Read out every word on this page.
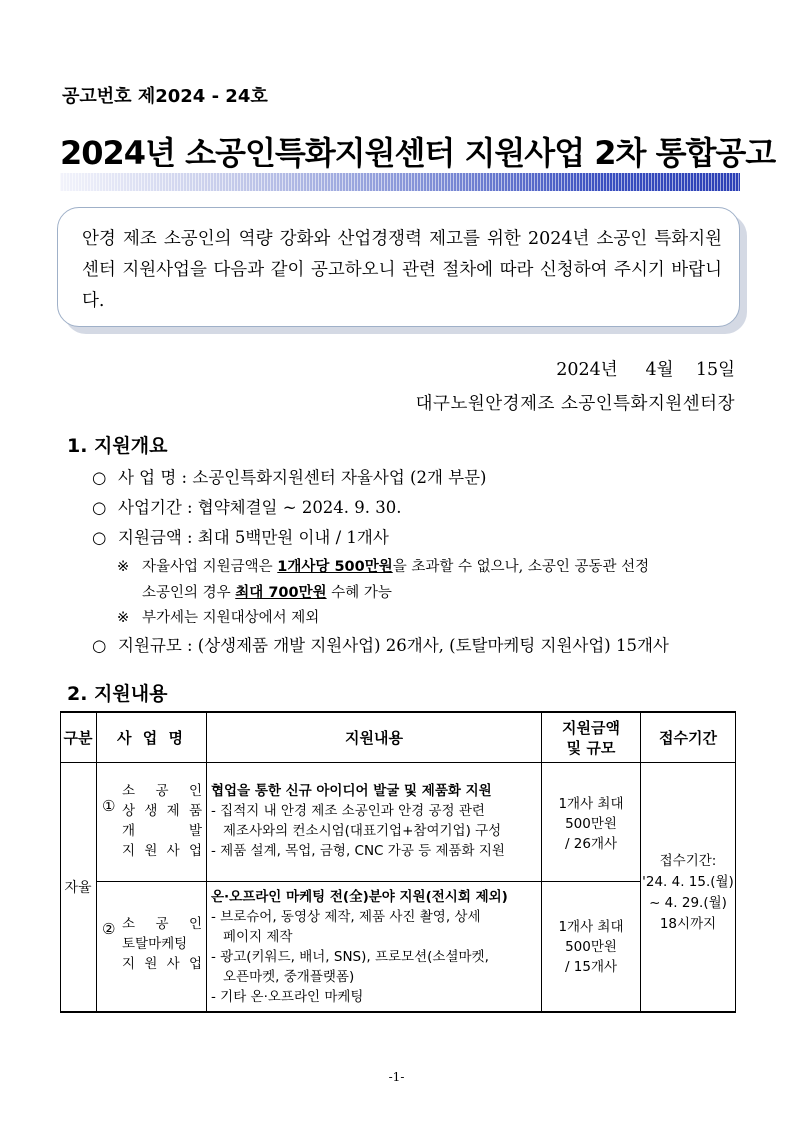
공고번호 제2024 - 24호
2024년 소공인특화지원센터 지원사업 2차 통합공고
안경 제조 소공인의 역량 강화와 산업경쟁력 제고를 위한 2024년 소공인 특화지원센터 지원사업을 다음과 같이 공고하오니 관련 절차에 따라 신청하여 주시기 바랍니다.
2024년 4월 15일
대구노원안경제조 소공인특화지원센터장
1. 지원개요
○ 사 업 명 : 소공인특화지원센터 자율사업 (2개 부문)
○ 사업기간 : 협약체결일 ~ 2024. 9. 30.
○ 지원금액 : 최대 5백만원 이내 / 1개사
※ 자율사업 지원금액은 1개사당 500만원을 초과할 수 없으나, 소공인 공동관 선정
소공인의 경우 최대 700만원 수혜 가능
※ 부가세는 지원대상에서 제외
○ 지원규모 : (상생제품 개발 지원사업) 26개사, (토탈마케팅 지원사업) 15개사
2. 지원내용
구분	사 업 명	지원내용
지원금액
및 규모
접수기간
자율
①
소 공 인
상 생 제 품
개 발
지 원 사 업
협업을 통한 신규 아이디어 발굴 및 제품화 지원
- 집적지 내 안경 제조 소공인과 안경 공정 관련
제조사와의 컨소시엄(대표기업+참여기업) 구성
- 제품 설계, 목업, 금형, CNC 가공 등 제품화 지원
1개사 최대
500만원
/ 26개사
② 소 공 인
토탈마케팅
지 원 사 업
온·오프라인 마케팅 전(全)분야 지원(전시회 제외)
- 브로슈어, 동영상 제작, 제품 사진 촬영, 상세
페이지 제작
- 광고(키워드, 배너, SNS), 프로모션(소셜마켓,
오픈마켓, 중개플랫폼)
- 기타 온·오프라인 마케팅
1개사 최대
500만원
/ 15개사
접수기간:
'24. 4. 15.(월)
~ 4. 29.(월)
18시까지
-1-
